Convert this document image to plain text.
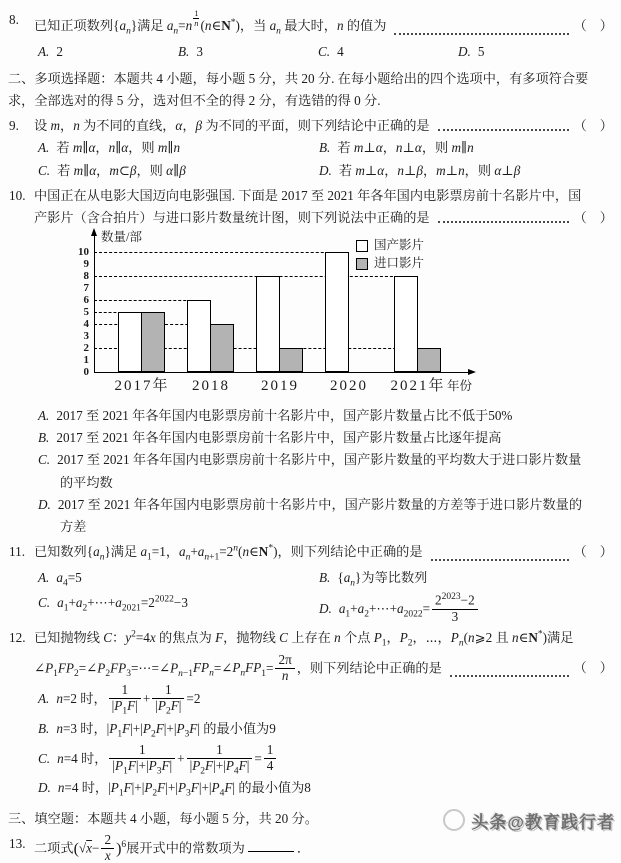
8.	已知正项数列$\{a_n\}$满足 $a_n=n \frac{1}{n}$ (n∈N*)，当 $a_n$ 最大时，n 的值为	（　）
A. 2	B. 3	C. 4	D. 5
二、多项选择题：本题共 4 小题，每小题 5 分，共 20 分. 在每小题给出的四个选项中，有多项符合要
求，全部选对的得 5 分，选对但不全的得 2 分，有选错的得 0 分.
9.	设 m，n 为不同的直线，α，β 为不同的平面，则下列结论中正确的是	（　）
A. 若 m∥α，n∥α，则 m∥n	B. 若 m⊥α，n⊥α，则 m∥n
C. 若 m∥α，m⊂β，则 α∥β	D. 若 m⊥α，n⊥β，m⊥n，则 α⊥β
10. 中国正在从电影大国迈向电影强国. 下面是 2017 至 2021 年各年国内电影票房前十名影片中，国
产影片（含合拍片）与进口影片数量统计图，则下列说法中正确的是	（　）
2017年	2018	2019	2020	2021年
0
1
2
3
4
5
6
7
8
9
10
数量/部
年份
国产影片
进口影片
A. 2017 至 2021 年各年国内电影票房前十名影片中，国产影片数量占比不低于50%
B. 2017 至 2021 年各年国内电影票房前十名影片中，国产影片数量占比逐年提高
C. 2017 至 2021 年各年国内电影票房前十名影片中，国产影片数量的平均数大于进口影片数量
的平均数
D. 2017 至 2021 年各年国内电影票房前十名影片中，国产影片数量的方差等于进口影片数量的
方差
11. 已知数列$\{a_n\}$满足 $a_1=1$，$a_n+a_{n+1}=2^n(n\in N^*)$，则下列结论中正确的是	（　）
A. $a_4=5$	B. $\{a_n\}$为等比数列
C. $a_1+a_2+\cdots+a_{2021}=2^{2022}-3$	D. $a_1+a_2+\cdots+a_{2022}= \frac{2^{2023}-2}{3}$
12. 已知抛物线 C：$y^2=4x$ 的焦点为 F，抛物线 C 上存在 n 个点 $P_1$，$P_2$，⋯，$P_n(n⩾2$ 且 n∈N*)满足
$\angle P_1FP_2=\angle P_2FP_3=\cdots=\angle P_{n-1}FP_n=\angle P_nFP_1= \frac{2\pi}{n}$ ，则下列结论中正确的是	（　）
A. n=2 时， $\frac{1}{|P_1F|} + \frac{1}{|P_2F|} =2$
B. n=3 时，$|P_1F|+|P_2F|+|P_3F|$ 的最小值为9
C. n=4 时， $\frac{1}{|P_1F|+|P_3F|} + \frac{1}{|P_2F|+|P_4F|} = \frac{1}{4}$
D. n=4 时，$|P_1F|+|P_2F|+|P_3F|+|P_4F|$ 的最小值为8
三、填空题：本题共 4 小题，每小题 5 分，共 20 分。
13. 二项式$(√x- \frac{2}{x} )^6$展开式中的常数项为	．
头条@教育践行者
